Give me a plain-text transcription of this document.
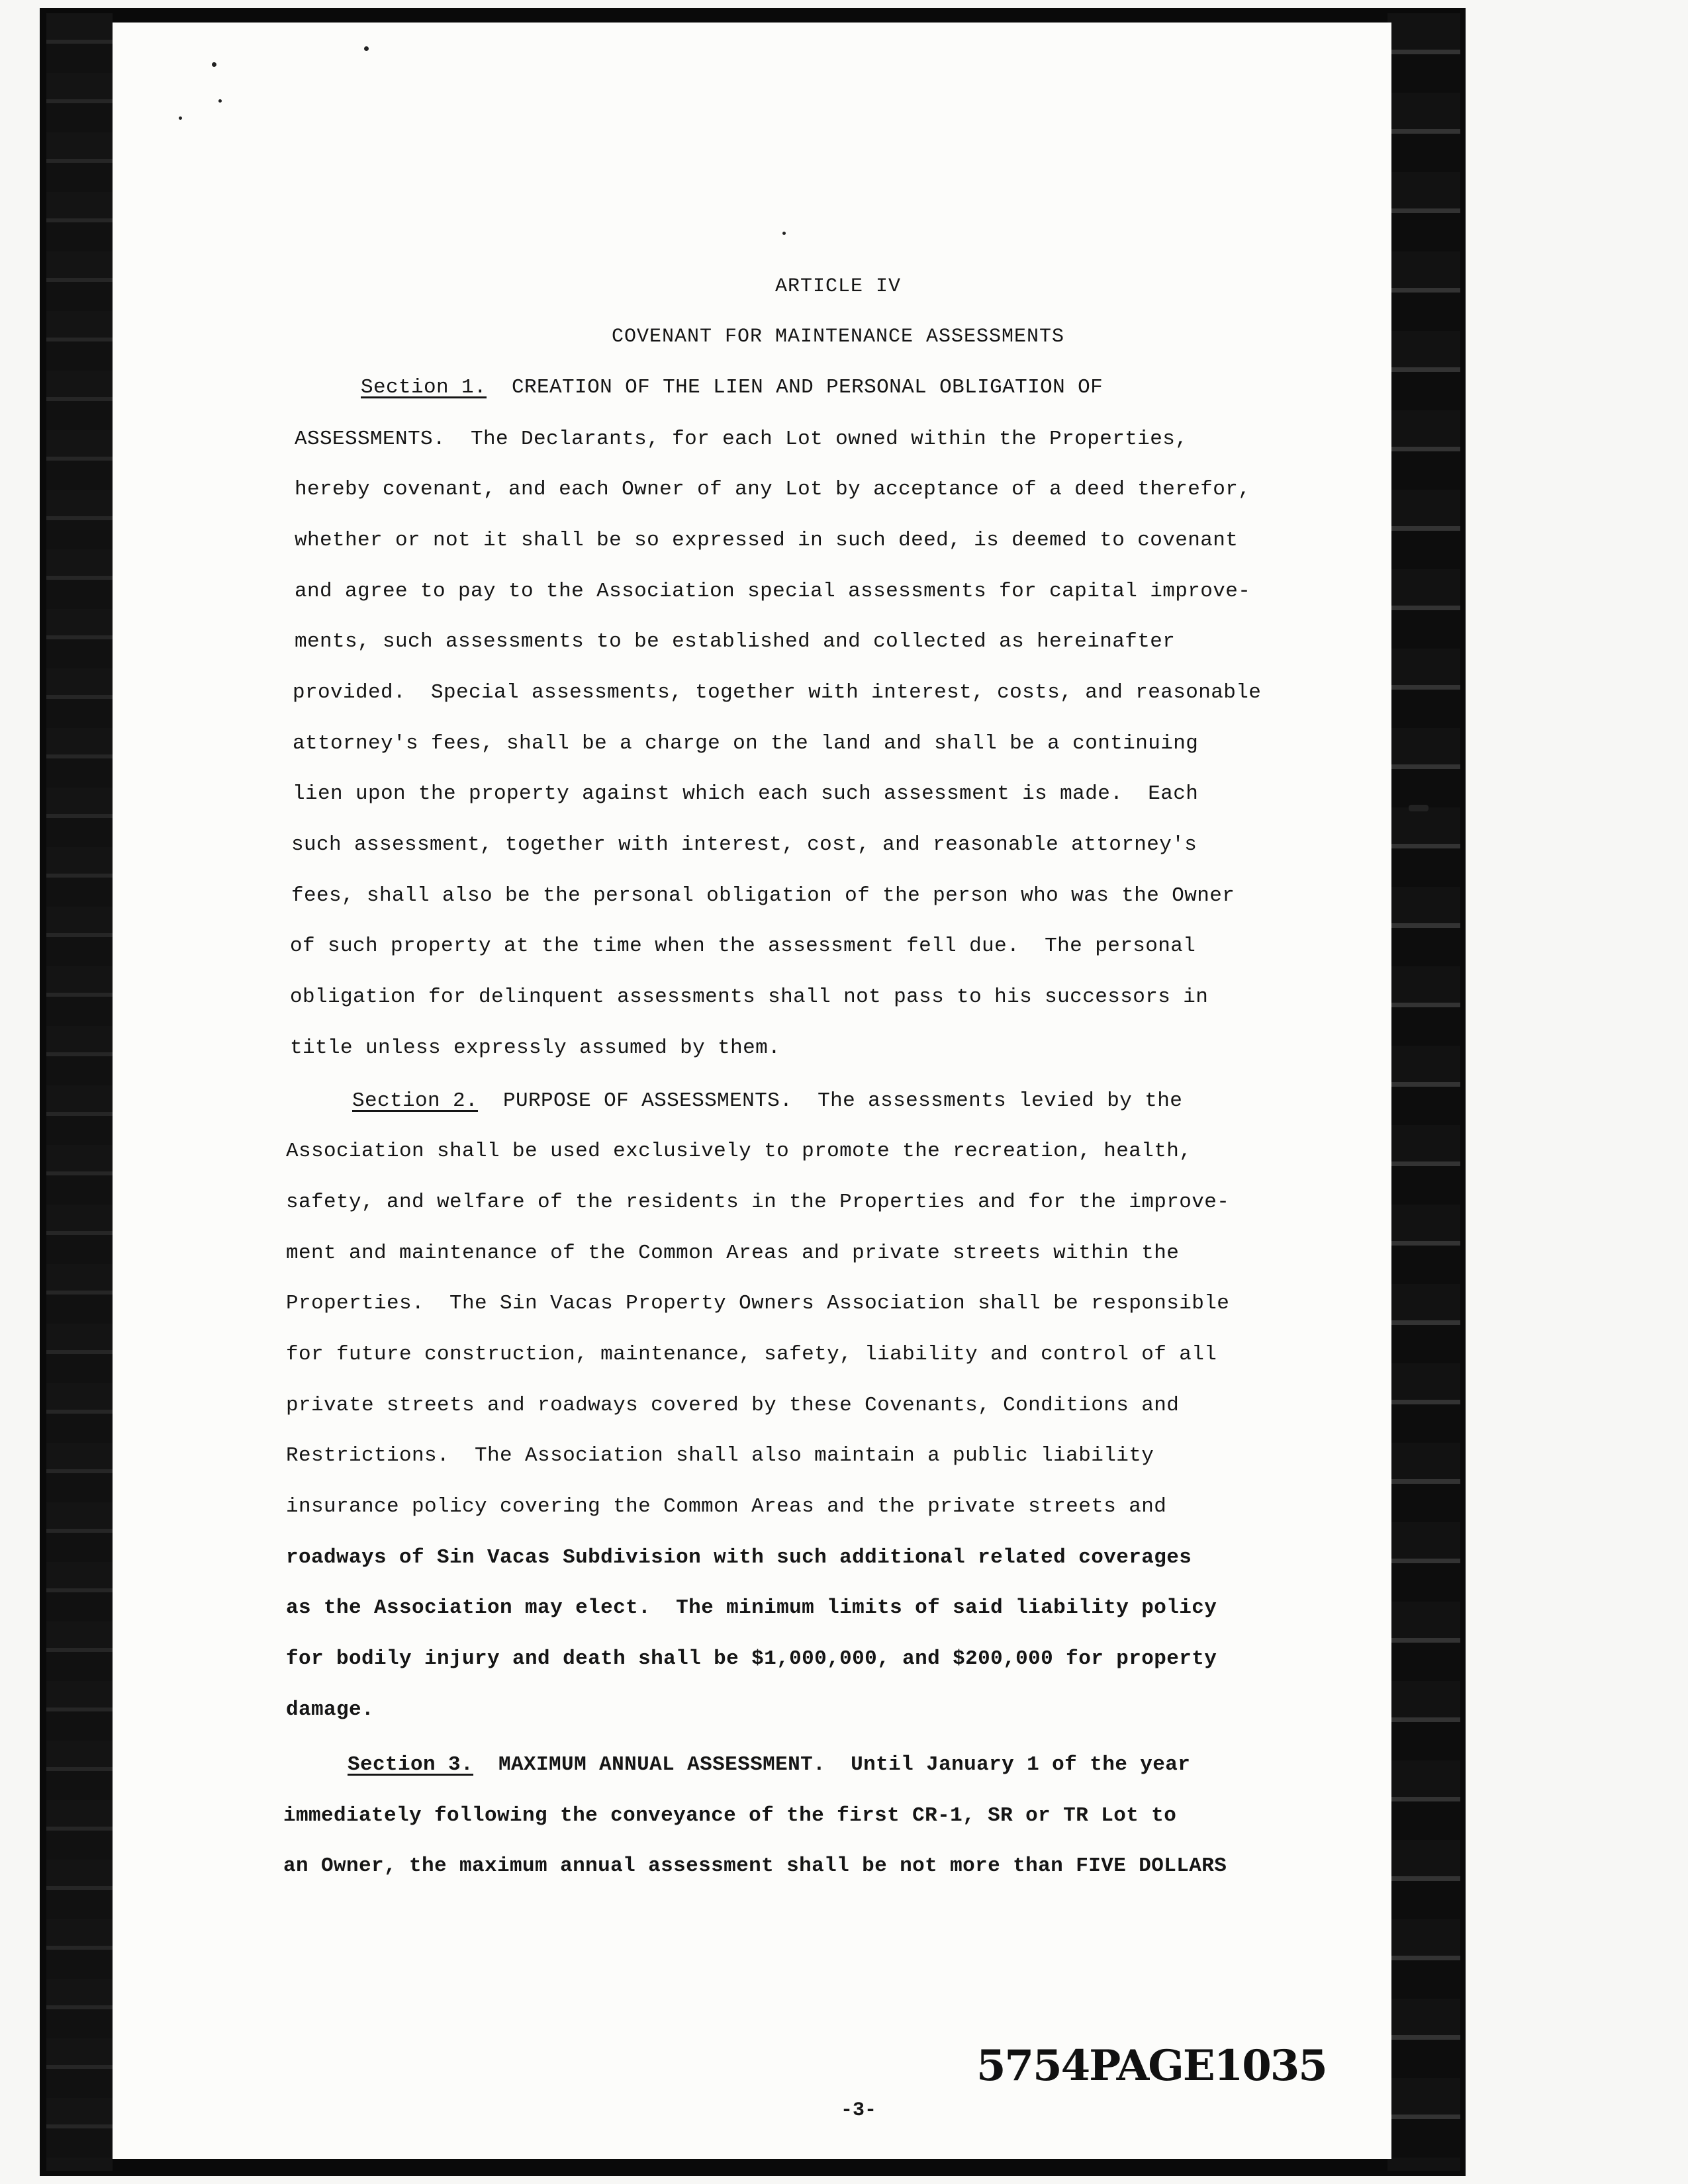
ARTICLE IV
COVENANT FOR MAINTENANCE ASSESSMENTS
Section 1. CREATION OF THE LIEN AND PERSONAL OBLIGATION OF
ASSESSMENTS.  The Declarants, for each Lot owned within the Properties,
hereby covenant, and each Owner of any Lot by acceptance of a deed therefor,
whether or not it shall be so expressed in such deed, is deemed to covenant
and agree to pay to the Association special assessments for capital improve-
ments, such assessments to be established and collected as hereinafter
provided.  Special assessments, together with interest, costs, and reasonable
attorney's fees, shall be a charge on the land and shall be a continuing
lien upon the property against which each such assessment is made.  Each
such assessment, together with interest, cost, and reasonable attorney's
fees, shall also be the personal obligation of the person who was the Owner
of such property at the time when the assessment fell due.  The personal
obligation for delinquent assessments shall not pass to his successors in
title unless expressly assumed by them.
Section 2. PURPOSE OF ASSESSMENTS.  The assessments levied by the
Association shall be used exclusively to promote the recreation, health,
safety, and welfare of the residents in the Properties and for the improve-
ment and maintenance of the Common Areas and private streets within the
Properties.  The Sin Vacas Property Owners Association shall be responsible
for future construction, maintenance, safety, liability and control of all
private streets and roadways covered by these Covenants, Conditions and
Restrictions.  The Association shall also maintain a public liability
insurance policy covering the Common Areas and the private streets and
roadways of Sin Vacas Subdivision with such additional related coverages
as the Association may elect.  The minimum limits of said liability policy
for bodily injury and death shall be $1,000,000, and $200,000 for property
damage.
Section 3. MAXIMUM ANNUAL ASSESSMENT.  Until January 1 of the year
immediately following the conveyance of the first CR-1, SR or TR Lot to
an Owner, the maximum annual assessment shall be not more than FIVE DOLLARS
5754PAGE1035
-3-
